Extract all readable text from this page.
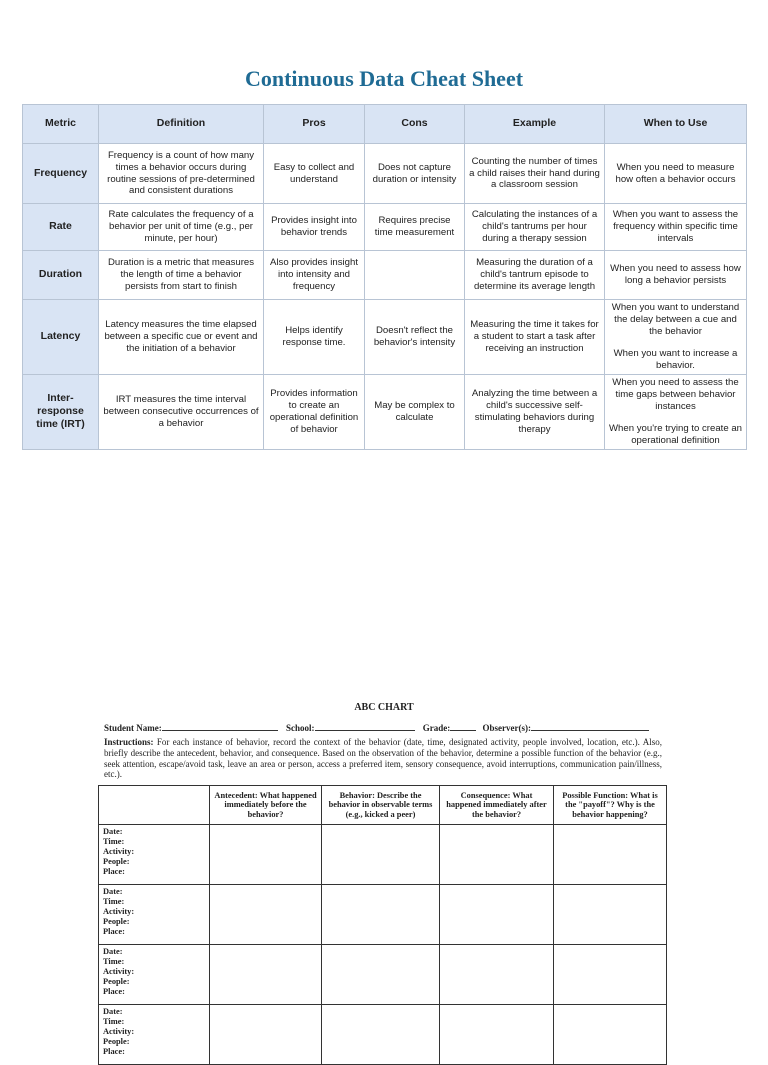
Continuous Data Cheat Sheet
Metric	Definition	Pros	Cons	Example	When to Use
Frequency	Frequency is a count of how many times a behavior occurs during routine sessions of pre-determined and consistent durations	Easy to collect and understand	Does not capture duration or intensity	Counting the number of times a child raises their hand during a classroom session	When you need to measure how often a behavior occurs
Rate	Rate calculates the frequency of a behavior per unit of time (e.g., per minute, per hour)	Provides insight into behavior trends	Requires precise time measurement	Calculating the instances of a child's tantrums per hour during a therapy session	When you want to assess the frequency within specific time intervals
Duration	Duration is a metric that measures the length of time a behavior persists from start to finish	Also provides insight into intensity and frequency		Measuring the duration of a child's tantrum episode to determine its average length	When you need to assess how long a behavior persists
Latency	Latency measures the time elapsed between a specific cue or event and the initiation of a behavior	Helps identify response time.	Doesn't reflect the behavior's intensity	Measuring the time it takes for a student to start a task after receiving an instruction	When you want to understand the delay between a cue and the behavior
When you want to increase a behavior.

Inter-response time (IRT)	IRT measures the time interval between consecutive occurrences of a behavior	Provides information to create an operational definition of behavior	May be complex to calculate	Analyzing the time between a child's successive self-stimulating behaviors during therapy	When you need to assess the time gaps between behavior instances
When you're trying to create an operational definition
ABC CHART
Student Name:	School:	Grade:	Observer(s):
Instructions: For each instance of behavior, record the context of the behavior (date, time, designated activity, people involved, location, etc.). Also, briefly describe the antecedent, behavior, and consequence. Based on the observation of the behavior, determine a possible function of the behavior (e.g., seek attention, escape/avoid task, leave an area or person, access a preferred item, sensory consequence, avoid interruptions, communication pain/illness, etc.).
	Antecedent: What happened immediately before the behavior?	Behavior: Describe the behavior in observable terms (e.g., kicked a peer)	Consequence: What happened immediately after the behavior?	Possible Function: What is the "payoff"? Why is the behavior happening?

Date:
Time:
Activity:
People:
Place:				

Date:
Time:
Activity:
People:
Place:				

Date:
Time:
Activity:
People:
Place:				

Date:
Time:
Activity:
People:
Place:				
